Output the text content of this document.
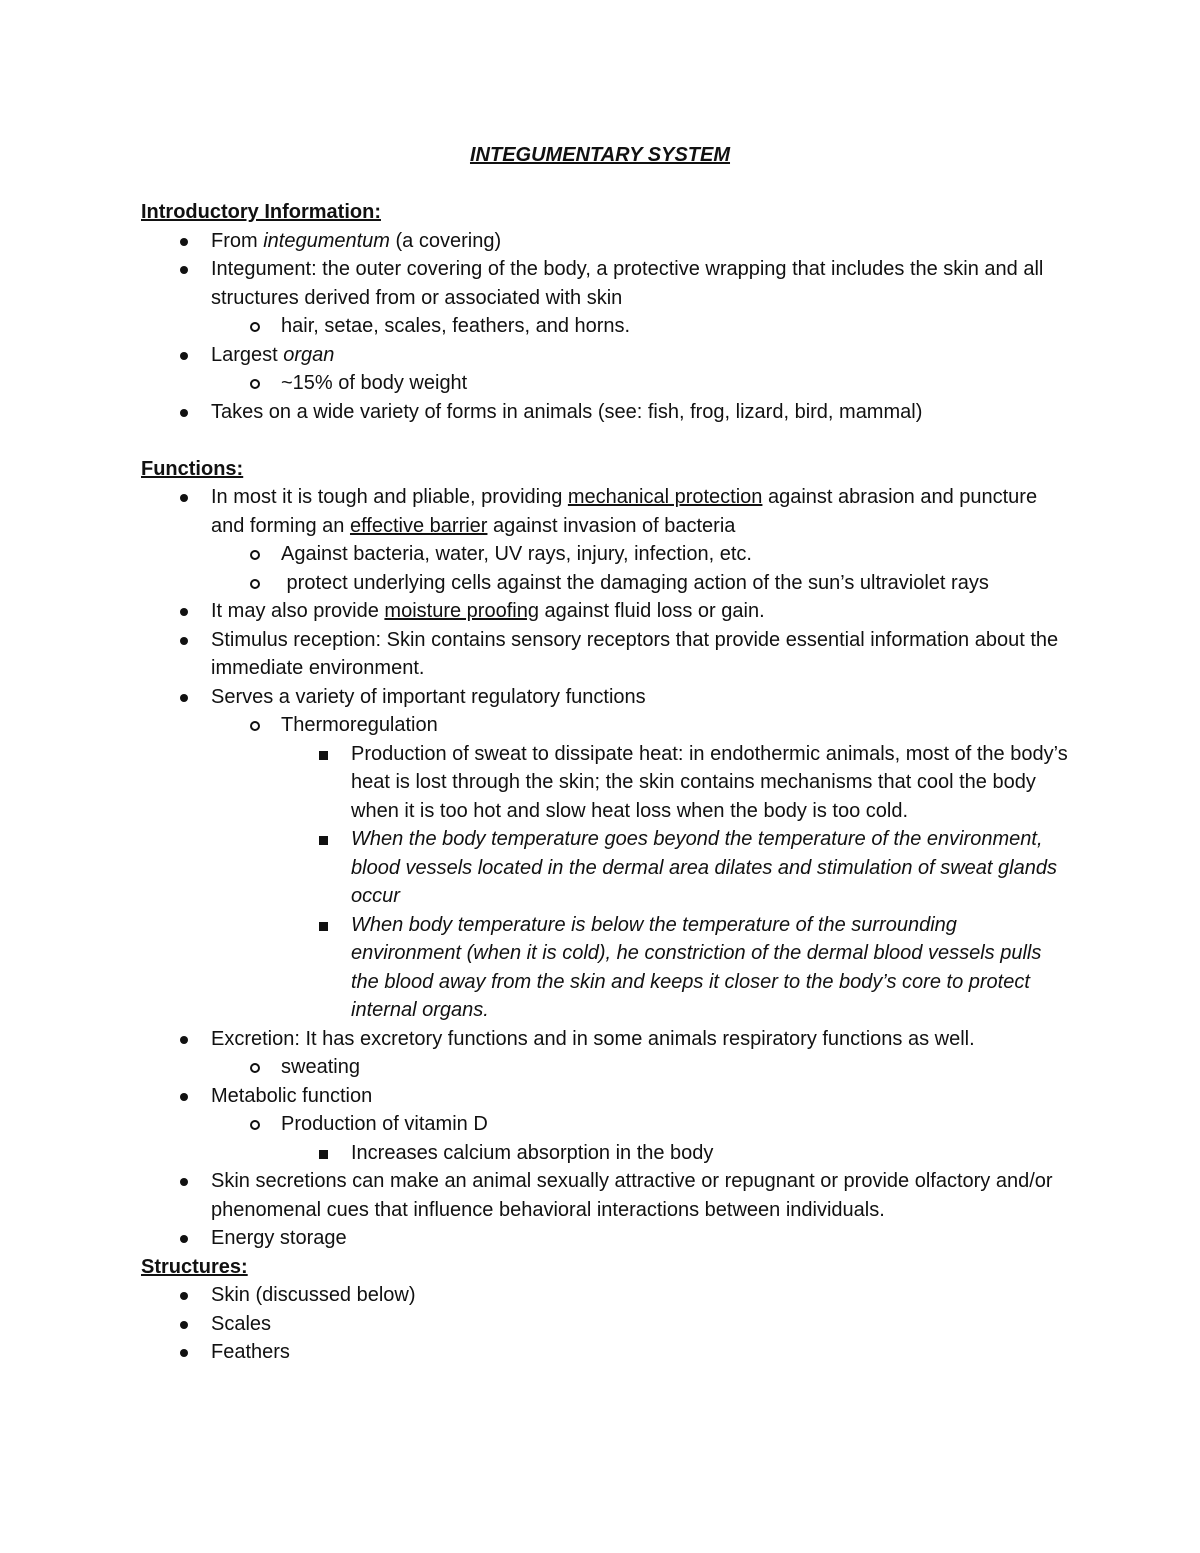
INTEGUMENTARY SYSTEM

Introductory Information:

From integumentum (a covering)
Integument: the outer covering of the body, a protective wrapping that includes the skin and all structures derived from or associated with skin
hair, setae, scales, feathers, and horns.
Largest organ
~15% of body weight
Takes on a wide variety of forms in animals (see: fish, frog, lizard, bird, mammal)

Functions:

In most it is tough and pliable, providing mechanical protection against abrasion and puncture and forming an effective barrier against invasion of bacteria
Against bacteria, water, UV rays, injury, infection, etc.
protect underlying cells against the damaging action of the sun’s ultraviolet rays
It may also provide moisture proofing against fluid loss or gain.
Stimulus reception: Skin contains sensory receptors that provide essential information about the immediate environment.
Serves a variety of important regulatory functions
Thermoregulation
Production of sweat to dissipate heat: in endothermic animals, most of the body’s heat is lost through the skin; the skin contains mechanisms that cool the body when it is too hot and slow heat loss when the body is too cold.
When the body temperature goes beyond the temperature of the environment, blood vessels located in the dermal area dilates and stimulation of sweat glands occur
When body temperature is below the temperature of the surrounding environment (when it is cold), he constriction of the dermal blood vessels pulls the blood away from the skin and keeps it closer to the body’s core to protect internal organs.
Excretion: It has excretory functions and in some animals respiratory functions as well.
sweating
Metabolic function
Production of vitamin D
Increases calcium absorption in the body
Skin secretions can make an animal sexually attractive or repugnant or provide olfactory and/or phenomenal cues that influence behavioral interactions between individuals.
Energy storage

Structures:

Skin (discussed below)
Scales
Feathers
